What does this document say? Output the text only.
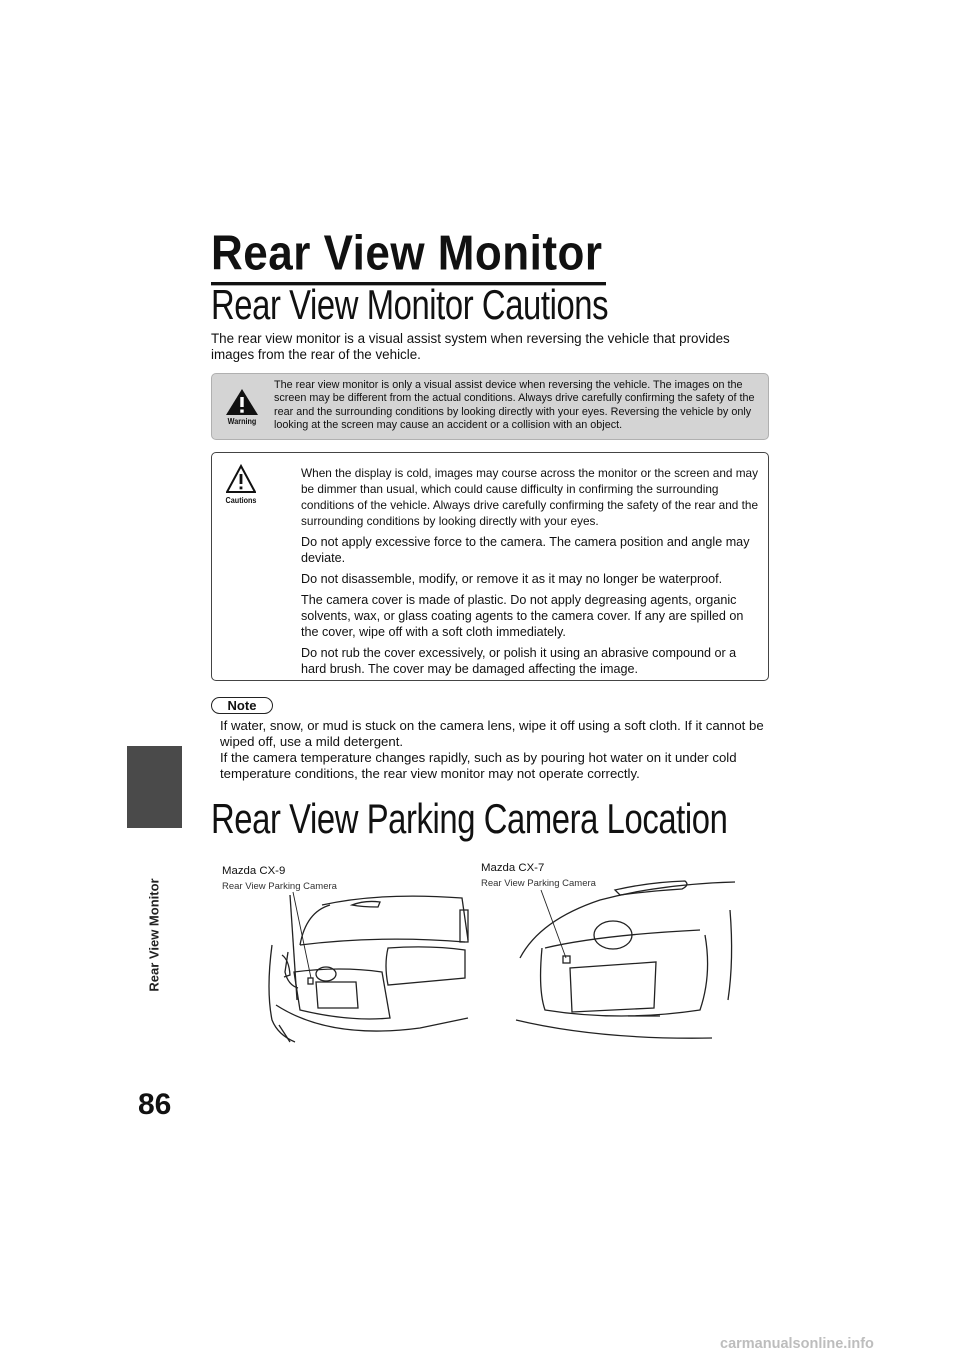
Rear View Monitor
86
Rear View Monitor
Rear View Monitor Cautions
The rear view monitor is a visual assist system when reversing the vehicle that provides images from the rear of the vehicle.
Warning
The rear view monitor is only a visual assist device when reversing the vehicle. The images on the screen may be different from the actual conditions. Always drive carefully confirming the safety of the rear and the surrounding conditions by looking directly with your eyes. Reversing the vehicle by only looking at the screen may cause an accident or a collision with an object.
Cautions

When the display is cold, images may course across the monitor or the screen and may be dimmer than usual, which could cause difficulty in confirming the surrounding conditions of the vehicle. Always drive carefully confirming the safety of the rear and the surrounding conditions by looking directly with your eyes.

Do not apply excessive force to the camera. The camera position and angle may deviate.

Do not disassemble, modify, or remove it as it may no longer be waterproof.

The camera cover is made of plastic. Do not apply degreasing agents, organic solvents, wax, or glass coating agents to the camera cover. If any are spilled on the cover, wipe off with a soft cloth immediately.

Do not rub the cover excessively, or polish it using an abrasive compound or a hard brush. The cover may be damaged affecting the image.

Note

If water, snow, or mud is stuck on the camera lens, wipe it off using a soft cloth. If it cannot be wiped off, use a mild detergent.

If the camera temperature changes rapidly, such as by pouring hot water on it under cold temperature conditions, the rear view monitor may not operate correctly.

Rear View Parking Camera Location
Mazda CX-9
Rear View Parking Camera
Mazda CX-7
Rear View Parking Camera
carmanualsonline.info
